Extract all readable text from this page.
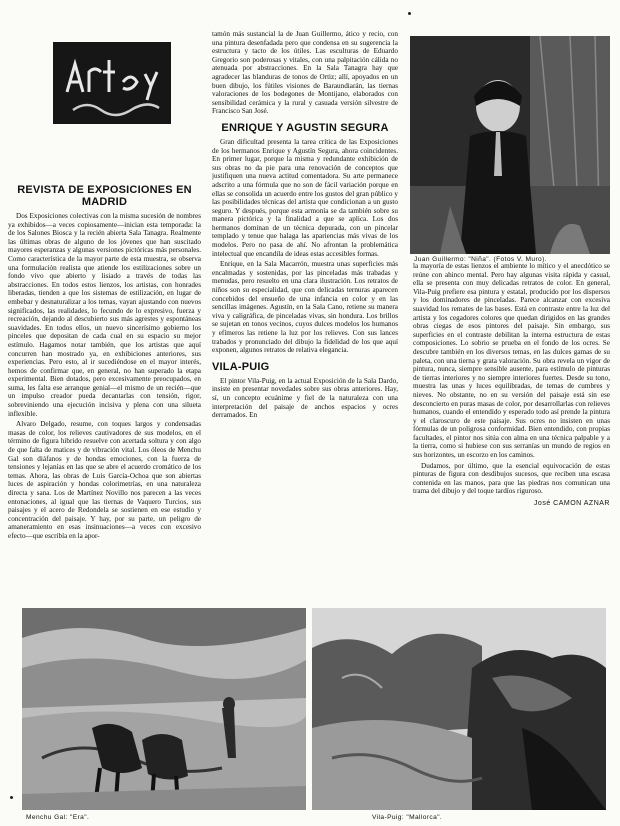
REVISTA DE EXPOSICIONES EN MADRID

Dos Exposiciones colectivas con la misma sucesión de nombres ya exhibidos—a veces copiosamente—inician esta temporada: la de los Salones Biosca y la recién abierta Sala Tanagra. Realmente las últimas obras de alguno de los jóvenes que han suscitado mayores esperanzas y algunas versiones pictóricas más personales. Como característica de la mayor parte de esta muestra, se observa una formulación realista que atiende los estilizaciones sobre un fondo vivo que abierto y lisiado a través de todas las abstracciones. En todos estos lienzos, los artistas, con honrades liberadas, tienden a que los sistemas de estilización, en lugar de embebar y desnaturalizar a los temas, vayan ajustando con nuevos significados, las realidades, lo fecundo de lo expresivo, fuerza y recreación, dejando al descubierto sus más agrestes y espontáneas suavidades. En todos ellos, un nuevo sincerísimo gobierno los pinceles que depositan de cada cual en su espacio su mejor estímulo. Hagamos notar también, que los artistas que aquí concurren han mostrado ya, en exhibiciones anteriores, sus experiencias. Pero esto, al ir sucediéndose en el mayor interés, hemos de confirmar que, en general, no han superado la etapa experimental. Bien dotados, pero excesivamente preocupados, en suma, les falta ese arranque genial—el mismo de un recién—que un impulso creador pueda decantarlas con tensión, rigor, sobreviniendo una ejecución incisiva y plena con una silueta inflexible.

Alvaro Delgado, resume, con toques largos y condensadas masas de color, los relieves cautivadores de sus modelos, en el término de figura hibrido resuelve con acertada soltura y con algo de que falta de matices y de vibración vital. Los óleos de Menchu Gal son diáfanos y de hondas emociones, con la fuerza de tensiones y lejanías en las que se abre el acuerdo cromático de los temas. Ahora, las obras de Luis García-Ochoa que son abiertas luces de aspiración y hondas colorimetrías, en una naturaleza directa y sana. Los de Martínez Novillo nos parecen a las veces entonaciones, al igual que las tiernas de Vaquero Turcios, sus paisajes y el acero de Redondela se sostienen en ese estudio y concentración del paisaje. Y hay, por su parte, un peligro de amaneramiento en esas insinuaciones—a veces con excesivo efecto—que escribía en la apor-

tamón más sustancial la de Juan Guillermo, ático y recio, con una pintura desenfadada pero que condensa en su sugerencia la estructura y tacto de los útiles. Las esculturas de Eduardo Gregorio son poderosas y vitales, con una palpitación cálida no atenuada por abstracciones. En la Sala Tanagra hay que agradecer las blanduras de tonos de Ortiz; allí, apoyados en un buen dibujo, los fútiles visiones de Baraundiarán, las tiernas valoraciones de los bodegones de Montijano, elaborados con sensibilidad cerámica y la rural y casuada versión silvestre de Francisco San José.

ENRIQUE Y AGUSTIN SEGURA

Gran dificultad presenta la tarea crítica de las Exposiciones de los hermanos Enrique y Agustín Segura, ahora coincidentes. En primer lugar, porque la misma y redundante exhibición de sus obras no da pie para una renovación de conceptos que justifiquen una nueva actitud comentadora. Su arte permanece adscrito a una fórmula que no son de fácil variación porque en ellas se consolida un acuerdo entre los gustos del gran público y las posibilidades técnicas del artista que condicionan a un gusto seguro. Y después, porque esta armonía se da también sobre su manera pictórica y la finalidad a que se aplica. Los dos hermanos dominan de un técnica depurada, con un pincelar templado y tenue que halaga las apariencias más vivas de los modelos. Pero no pasa de ahí. No afrontan la problemática intelectual que encandila de ideas estas accesibles formas.

Enrique, en la Sala Macarrón, muestra unas superficies más encalmadas y sostenidas, por las pinceladas más trabadas y menudas, pero resuelto en una clara ilustración. Los retratos de niños son su especialidad, que con delicadas ternuras aparecen concebidos del ensueño de una infancia en color y en las sencillas imágenes. Agustín, en la Sala Cano, retiene su manera viva y caligráfica, de pinceladas vivas, sin hondura. Los brillos se sujetan en tonos vecinos, cuyos dulces modelos los humanos y efímeros las retiene la luz por los relieves. Con sus lances trabados y pronunciado del dibujo la fidelidad de los que aquí exponen, algunos retratos de relativa elegancia.

VILA-PUIG

El pintor Vila-Puig, en la actual Exposición de la Sala Dardo, insiste en presentar novedades sobre sus obras anteriores. Hay, sí, un concepto ecuánime y fiel de la naturaleza con una interpretación del paisaje de anchos espacios y ocres derramados. En

Juan Guillermo: "Niña". (Fotos V. Muro).

la mayoría de estas lienzos el ambiente lo mítico y el anecdótico se reúne con ahinco mental. Pero hay algunas visita rápida y casual, ella se presenta con muy delicadas retratos de color. En general, Vila-Puig prefiere esa pintura y estatal, producido por los dispersos y los dominadores de pinceladas. Parece alcanzar con excesiva suavidad los remates de las bases. Está en contraste entre la luz del artista y los cegadores colores que quedan dirigidos en las grandes obras ciegas de esos pintores del paisaje. Sin embargo, sus superficies en el contraste debilitan la interna estructura de estas composiciones. Lo sobrio se prueba en el fondo de los ocres. Se descubre también en los diversos temas, en las dulces gamas de su paleta, con una tierna y grata valoración. Su obra revela un vigor de pintura, nunca, siempre sensible ausente, para estímulo de pinturas de tierras interiores y no siempre interiores fuertes. Desde su tono, muestra las unas y luces equilibradas, de temas de cumbres y nieves. No obstante, no en su versión del paisaje está sin ese desconcierto en puras masas de color, por desarrollarlas con relieves humanos, cuando el entendido y esperado todo así prende la pintura y el claroscuro de este paisaje. Sus ocres no insisten en unas fórmulas de un poligrosa conformidad. Bien entendido, con propias facultades, el pintor nos sitúa con alma en una técnica palpable y a la tierra, como si hubiese con sus serranías un mundo de regios en sus horizontes, un escorzo en los caminos.

Dudamos, por último, que la esencial equivocación de estas pinturas de figura con desdibujos sucesos, que reciben una escasa contenida en las manos, para que las piedras nos comunican una trama del dibujo y del toque tardíos riguroso.

José CAMON AZNAR
Menchu Gal: "Era".	Vila-Puig: "Mallorca".
